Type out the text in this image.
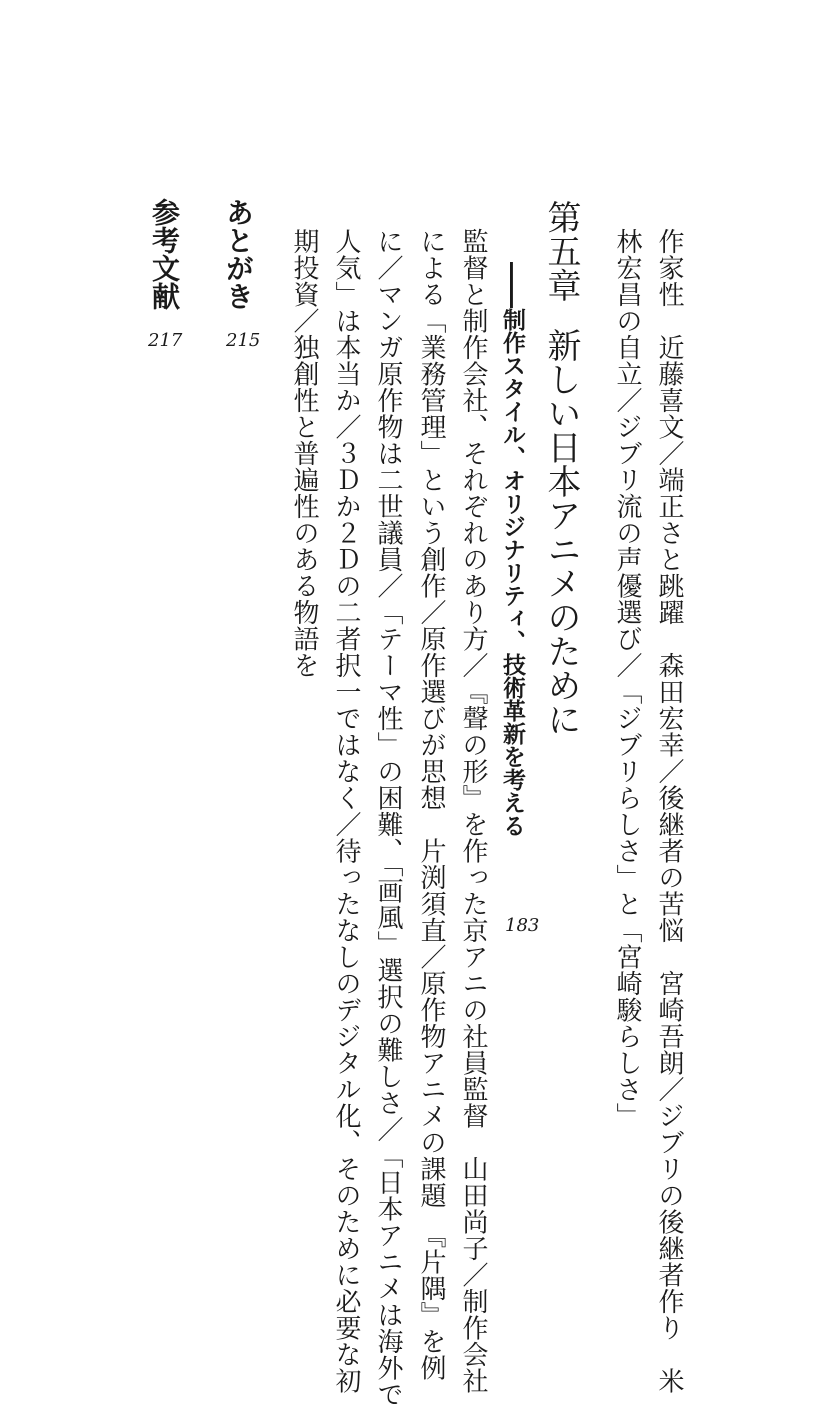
作家性　近藤喜文／端正さと跳躍　森田宏幸／後継者の苦悩　宮崎吾朗／ジブリの後継者作り　米
林宏昌の自立／ジブリ流の声優選び／「ジブリらしさ」と「宮崎駿らしさ」
第五章新しい日本アニメのために
――制作スタイル、オリジナリティ、技術革新を考える
183
監督と制作会社、それぞれのあり方／『聲の形』を作った京アニの社員監督　山田尚子／制作会社
による「業務管理」という創作／原作選びが思想　片渕須直／原作物アニメの課題　『片隅』を例
に／マンガ原作物は二世議員／「テーマ性」の困難、「画風」選択の難しさ／「日本アニメは海外で
人気」は本当か／３Ｄか２Ｄの二者択一ではなく／待ったなしのデジタル化、そのために必要な初
期投資／独創性と普遍性のある物語を
あとがき
215
参考文献
217
